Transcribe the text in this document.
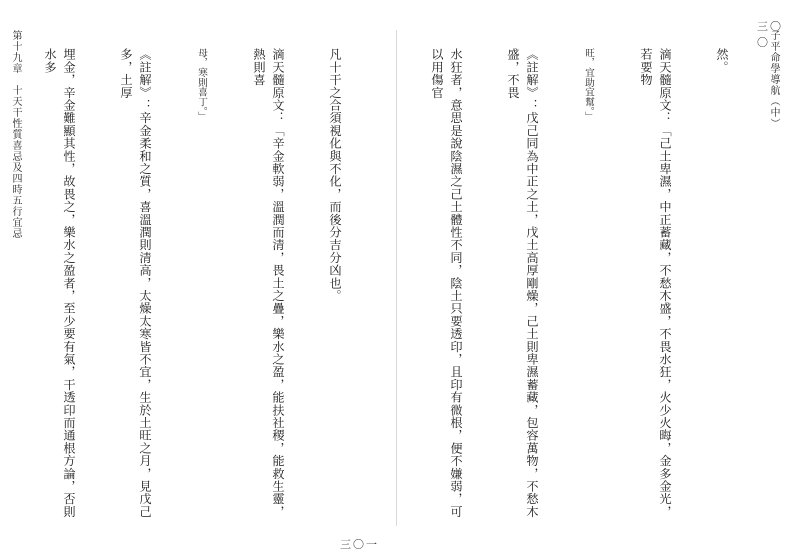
第十九章　十天干性質喜忌及四時五行宜忌

	凡十干之合須視化與不化，而後分吉分凶也。

滴天髓原文：「辛金軟弱，溫潤而清，畏土之疊，樂水之盈，能扶社稷，能救生靈，熱則喜

母，寒則喜丁。」

《註解》：辛金柔和之質，喜溫潤則清高，太燥太寒皆不宜，生於土旺之月，見戊己多，土厚

埋金，辛金難顯其性，故畏之，樂水之盈者，至少要有氣，干透印而通根方論，否則水多

三〇一
子平命學導航（中）

然。

滴天髓原文：「己土卑濕，中正蓄藏，不愁木盛，不畏水狂，火少火晦，金多金光，若要物

旺，宜助宜幫。」

《註解》：戊己同為中正之土，戊土高厚剛燥，己土則卑濕蓄藏，包容萬物，不愁木盛，不畏

水狂者，意思是說陰濕之己土體性不同，陰土只要透印，且印有微根，便不嫌弱，可以用傷官

三〇〇
